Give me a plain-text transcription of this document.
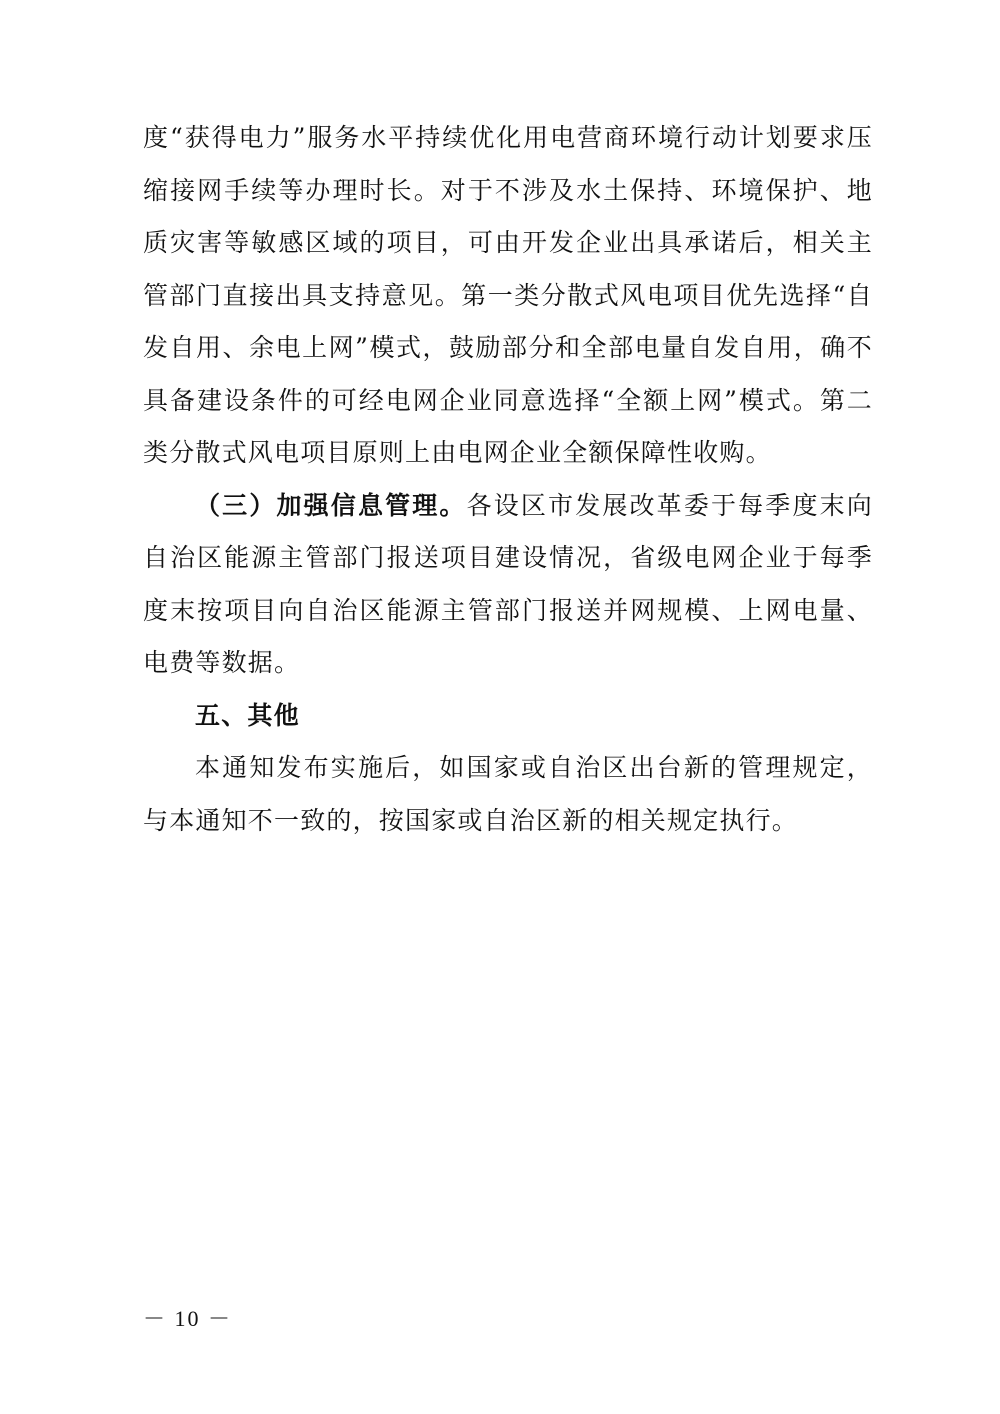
度“获得电力”服务水平持续优化用电营商环境行动计划要求压缩接网手续等办理时长。对于不涉及水土保持、环境保护、地质灾害等敏感区域的项目，可由开发企业出具承诺后，相关主管部门直接出具支持意见。第一类分散式风电项目优先选择“自发自用、余电上网”模式，鼓励部分和全部电量自发自用，确不具备建设条件的可经电网企业同意选择“全额上网”模式。第二类分散式风电项目原则上由电网企业全额保障性收购。

（三）加强信息管理。各设区市发展改革委于每季度末向自治区能源主管部门报送项目建设情况，省级电网企业于每季度末按项目向自治区能源主管部门报送并网规模、上网电量、电费等数据。

五、其他

本通知发布实施后，如国家或自治区出台新的管理规定，与本通知不一致的，按国家或自治区新的相关规定执行。

－ 10 －
